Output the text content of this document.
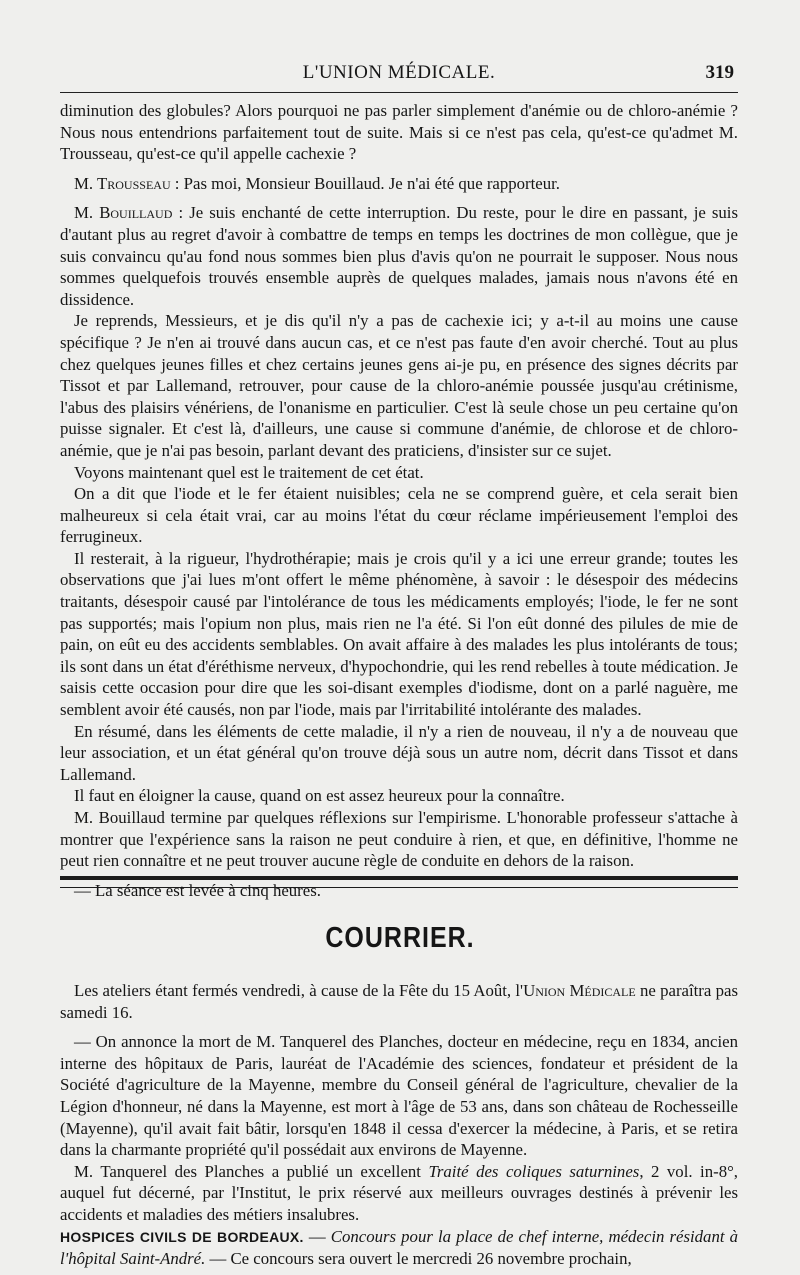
L'UNION MÉDICALE.	319

diminution des globules? Alors pourquoi ne pas parler simplement d'anémie ou de chloro-anémie ? Nous nous entendrions parfaitement tout de suite. Mais si ce n'est pas cela, qu'est-ce qu'admet M. Trousseau, qu'est-ce qu'il appelle cachexie ?

M. Trousseau : Pas moi, Monsieur Bouillaud. Je n'ai été que rapporteur.

M. Bouillaud : Je suis enchanté de cette interruption. Du reste, pour le dire en passant, je suis d'autant plus au regret d'avoir à combattre de temps en temps les doctrines de mon collègue, que je suis convaincu qu'au fond nous sommes bien plus d'avis qu'on ne pourrait le supposer. Nous nous sommes quelquefois trouvés ensemble auprès de quelques malades, jamais nous n'avons été en dissidence.

Je reprends, Messieurs, et je dis qu'il n'y a pas de cachexie ici; y a-t-il au moins une cause spécifique ? Je n'en ai trouvé dans aucun cas, et ce n'est pas faute d'en avoir cherché. Tout au plus chez quelques jeunes filles et chez certains jeunes gens ai-je pu, en présence des signes décrits par Tissot et par Lallemand, retrouver, pour cause de la chloro-anémie poussée jusqu'au crétinisme, l'abus des plaisirs vénériens, de l'onanisme en particulier. C'est là seule chose un peu certaine qu'on puisse signaler. Et c'est là, d'ailleurs, une cause si commune d'anémie, de chlorose et de chloro-anémie, que je n'ai pas besoin, parlant devant des praticiens, d'insister sur ce sujet.

Voyons maintenant quel est le traitement de cet état.

On a dit que l'iode et le fer étaient nuisibles; cela ne se comprend guère, et cela serait bien malheureux si cela était vrai, car au moins l'état du cœur réclame impérieusement l'emploi des ferrugineux.

Il resterait, à la rigueur, l'hydrothérapie; mais je crois qu'il y a ici une erreur grande; toutes les observations que j'ai lues m'ont offert le même phénomène, à savoir : le désespoir des médecins traitants, désespoir causé par l'intolérance de tous les médicaments employés; l'iode, le fer ne sont pas supportés; mais l'opium non plus, mais rien ne l'a été. Si l'on eût donné des pilules de mie de pain, on eût eu des accidents semblables. On avait affaire à des malades les plus intolérants de tous; ils sont dans un état d'éréthisme nerveux, d'hypochondrie, qui les rend rebelles à toute médication. Je saisis cette occasion pour dire que les soi-disant exemples d'iodisme, dont on a parlé naguère, me semblent avoir été causés, non par l'iode, mais par l'irritabilité intolérante des malades.

En résumé, dans les éléments de cette maladie, il n'y a rien de nouveau, il n'y a de nouveau que leur association, et un état général qu'on trouve déjà sous un autre nom, décrit dans Tissot et dans Lallemand.

Il faut en éloigner la cause, quand on est assez heureux pour la connaître.

M. Bouillaud termine par quelques réflexions sur l'empirisme. L'honorable professeur s'attache à montrer que l'expérience sans la raison ne peut conduire à rien, et que, en définitive, l'homme ne peut rien connaître et ne peut trouver aucune règle de conduite en dehors de la raison.

— La séance est levée à cinq heures.

COURRIER.

Les ateliers étant fermés vendredi, à cause de la Fête du 15 Août, l'Union Médicale ne paraîtra pas samedi 16.

— On annonce la mort de M. Tanquerel des Planches, docteur en médecine, reçu en 1834, ancien interne des hôpitaux de Paris, lauréat de l'Académie des sciences, fondateur et président de la Société d'agriculture de la Mayenne, membre du Conseil général de l'agriculture, chevalier de la Légion d'honneur, né dans la Mayenne, est mort à l'âge de 53 ans, dans son château de Rochesseille (Mayenne), qu'il avait fait bâtir, lorsqu'en 1848 il cessa d'exercer la médecine, à Paris, et se retira dans la charmante propriété qu'il possédait aux environs de Mayenne.

M. Tanquerel des Planches a publié un excellent Traité des coliques saturnines, 2 vol. in-8°, auquel fut décerné, par l'Institut, le prix réservé aux meilleurs ouvrages destinés à prévenir les accidents et maladies des métiers insalubres.

HOSPICES CIVILS DE BORDEAUX. — Concours pour la place de chef interne, médecin résidant à l'hôpital Saint-André. — Ce concours sera ouvert le mercredi 26 novembre prochain,
